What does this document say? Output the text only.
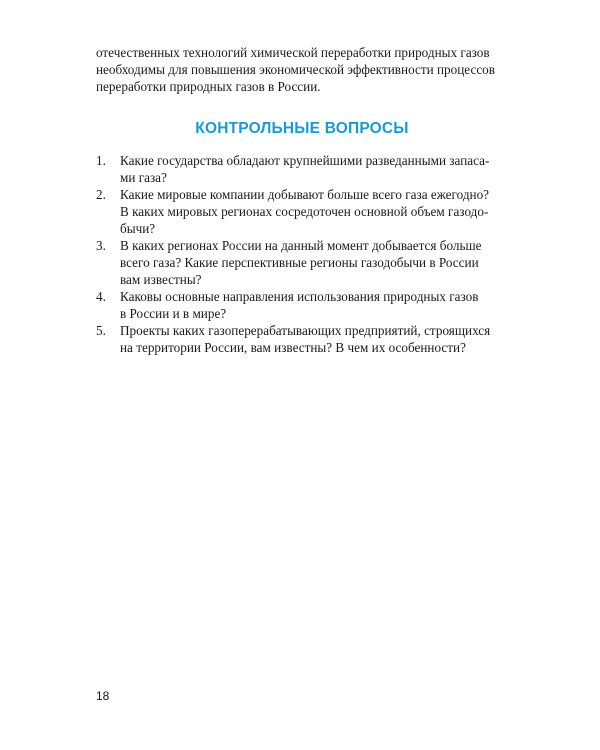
отечественных технологий химической переработки природных газов
необходимы для повышения экономической эффективности процессов
переработки природных газов в России.
КОНТРОЛЬНЫЕ ВОПРОСЫ
1. Какие государства обладают крупнейшими разведанными запаса-
ми газа?
2. Какие мировые компании добывают больше всего газа ежегодно?
В каких мировых регионах сосредоточен основной объем газодо-
бычи?
3. В каких регионах России на данный момент добывается больше
всего газа? Какие перспективные регионы газодобычи в России
вам известны?
4. Каковы основные направления использования природных газов
в России и в мире?
5. Проекты каких газоперерабатывающих предприятий, строящихся
на территории России, вам известны? В чем их особенности?
18
